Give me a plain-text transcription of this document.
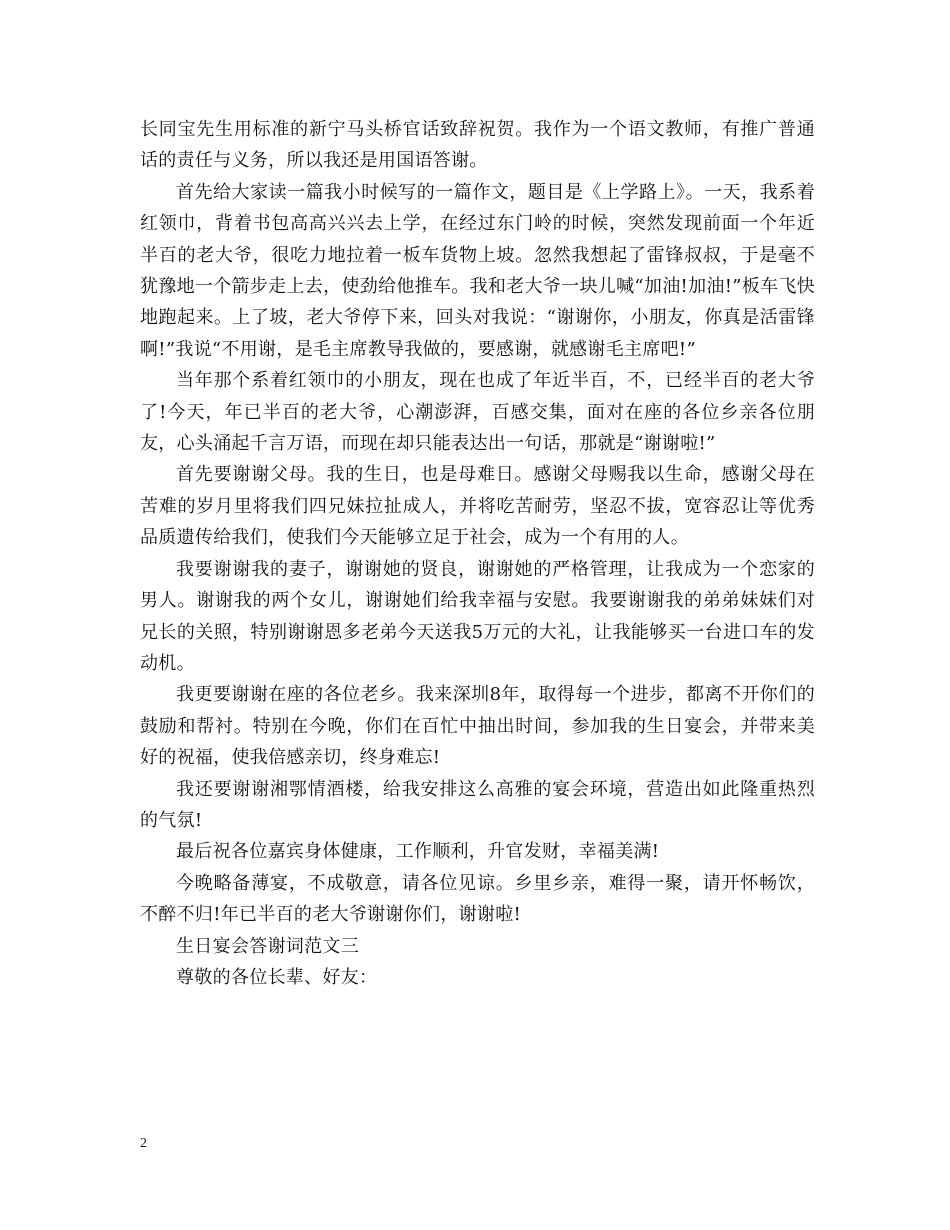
长同宝先生用标准的新宁马头桥官话致辞祝贺。我作为一个语文教师，有推广普通话的责任与义务，所以我还是用国语答谢。

首先给大家读一篇我小时候写的一篇作文，题目是《上学路上》。一天，我系着红领巾，背着书包高高兴兴去上学，在经过东门岭的时候，突然发现前面一个年近半百的老大爷，很吃力地拉着一板车货物上坡。忽然我想起了雷锋叔叔，于是毫不犹豫地一个箭步走上去，使劲给他推车。我和老大爷一块儿喊“加油!加油!”板车飞快地跑起来。上了坡，老大爷停下来，回头对我说：“谢谢你，小朋友，你真是活雷锋啊!”我说“不用谢，是毛主席教导我做的，要感谢，就感谢毛主席吧!”

当年那个系着红领巾的小朋友，现在也成了年近半百，不，已经半百的老大爷了!今天，年已半百的老大爷，心潮澎湃，百感交集，面对在座的各位乡亲各位朋友，心头涌起千言万语，而现在却只能表达出一句话，那就是“谢谢啦!”

首先要谢谢父母。我的生日，也是母难日。感谢父母赐我以生命，感谢父母在苦难的岁月里将我们四兄妹拉扯成人，并将吃苦耐劳，坚忍不拔，宽容忍让等优秀品质遗传给我们，使我们今天能够立足于社会，成为一个有用的人。

我要谢谢我的妻子，谢谢她的贤良，谢谢她的严格管理，让我成为一个恋家的男人。谢谢我的两个女儿，谢谢她们给我幸福与安慰。我要谢谢我的弟弟妹妹们对兄长的关照，特别谢谢恩多老弟今天送我5万元的大礼，让我能够买一台进口车的发动机。

我更要谢谢在座的各位老乡。我来深圳8年，取得每一个进步，都离不开你们的鼓励和帮衬。特别在今晚，你们在百忙中抽出时间，参加我的生日宴会，并带来美好的祝福，使我倍感亲切，终身难忘!

我还要谢谢湘鄂情酒楼，给我安排这么高雅的宴会环境，营造出如此隆重热烈的气氛!

最后祝各位嘉宾身体健康，工作顺利，升官发财，幸福美满!

今晚略备薄宴，不成敬意，请各位见谅。乡里乡亲，难得一聚，请开怀畅饮，不醉不归!年已半百的老大爷谢谢你们，谢谢啦!

生日宴会答谢词范文三

尊敬的各位长辈、好友：

2
